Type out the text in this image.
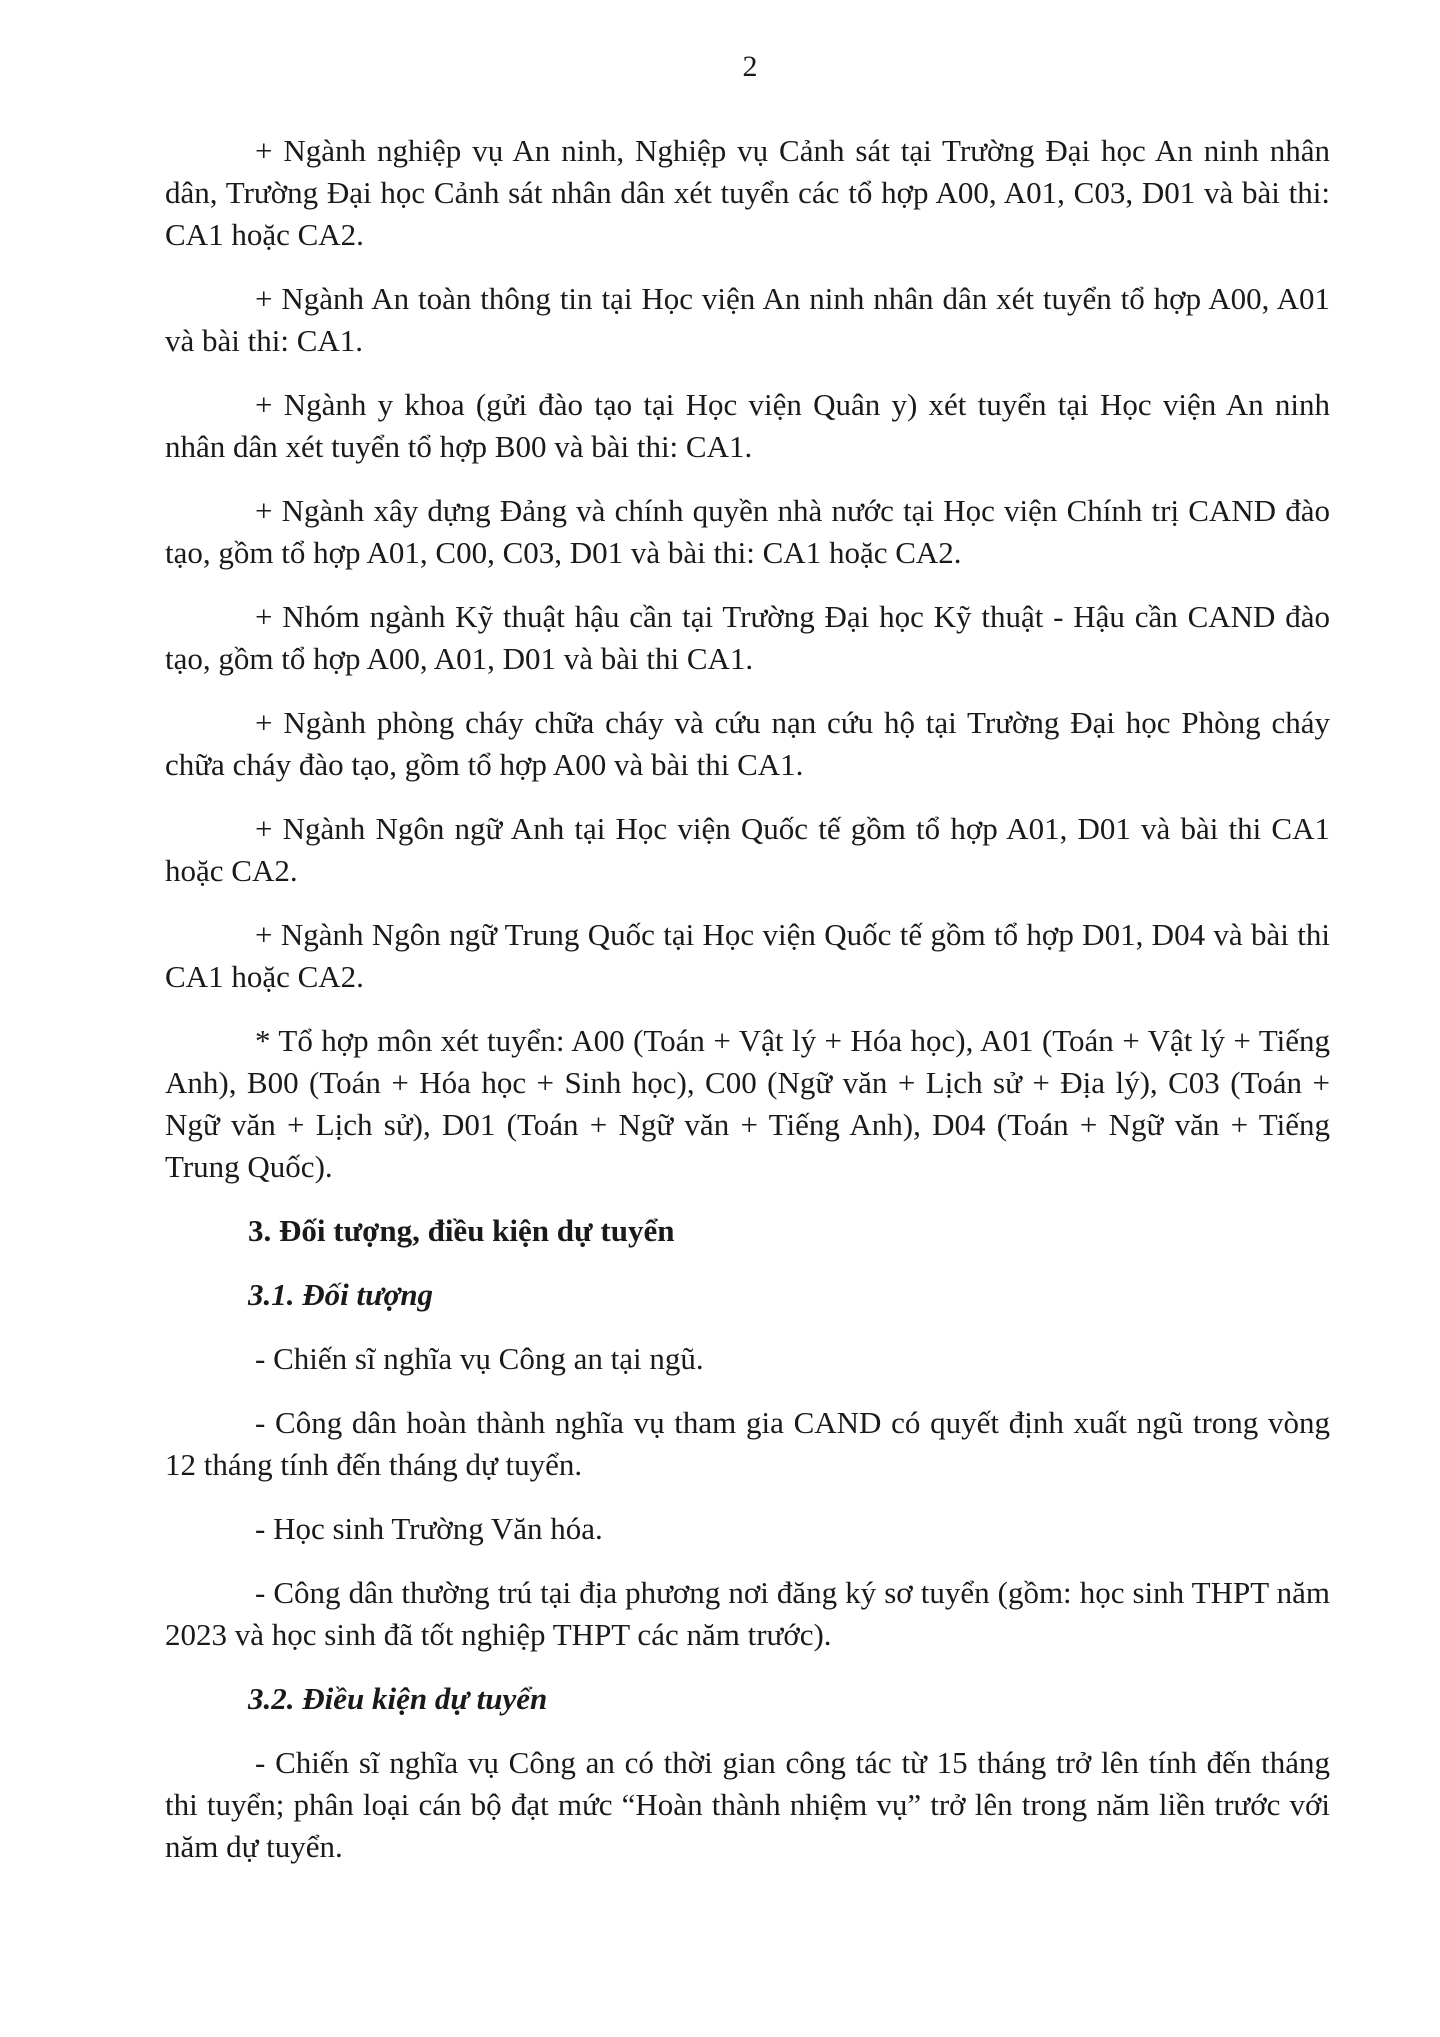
2

+ Ngành nghiệp vụ An ninh, Nghiệp vụ Cảnh sát tại Trường Đại học An ninh nhân dân, Trường Đại học Cảnh sát nhân dân xét tuyển các tổ hợp A00, A01, C03, D01 và bài thi: CA1 hoặc CA2.

+ Ngành An toàn thông tin tại Học viện An ninh nhân dân xét tuyển tổ hợp A00, A01 và bài thi: CA1.

+ Ngành y khoa (gửi đào tạo tại Học viện Quân y) xét tuyển tại Học viện An ninh nhân dân xét tuyển tổ hợp B00 và bài thi: CA1.

+ Ngành xây dựng Đảng và chính quyền nhà nước tại Học viện Chính trị CAND đào tạo, gồm tổ hợp A01, C00, C03, D01 và bài thi: CA1 hoặc CA2.

+ Nhóm ngành Kỹ thuật hậu cần tại Trường Đại học Kỹ thuật - Hậu cần CAND đào tạo, gồm tổ hợp A00, A01, D01 và bài thi CA1.

+ Ngành phòng cháy chữa cháy và cứu nạn cứu hộ tại Trường Đại học Phòng cháy chữa cháy đào tạo, gồm tổ hợp A00 và bài thi CA1.

+ Ngành Ngôn ngữ Anh tại Học viện Quốc tế gồm tổ hợp A01, D01 và bài thi CA1 hoặc CA2.

+ Ngành Ngôn ngữ Trung Quốc tại Học viện Quốc tế gồm tổ hợp D01, D04 và bài thi CA1 hoặc CA2.

* Tổ hợp môn xét tuyển: A00 (Toán + Vật lý + Hóa học), A01 (Toán + Vật lý + Tiếng Anh), B00 (Toán + Hóa học + Sinh học), C00 (Ngữ văn + Lịch sử + Địa lý), C03 (Toán + Ngữ văn + Lịch sử), D01 (Toán + Ngữ văn + Tiếng Anh), D04 (Toán + Ngữ văn + Tiếng Trung Quốc).

3. Đối tượng, điều kiện dự tuyển

3.1. Đối tượng

- Chiến sĩ nghĩa vụ Công an tại ngũ.

- Công dân hoàn thành nghĩa vụ tham gia CAND có quyết định xuất ngũ trong vòng 12 tháng tính đến tháng dự tuyển.

- Học sinh Trường Văn hóa.

- Công dân thường trú tại địa phương nơi đăng ký sơ tuyển (gồm: học sinh THPT năm 2023 và học sinh đã tốt nghiệp THPT các năm trước).

3.2. Điều kiện dự tuyển

- Chiến sĩ nghĩa vụ Công an có thời gian công tác từ 15 tháng trở lên tính đến tháng thi tuyển; phân loại cán bộ đạt mức “Hoàn thành nhiệm vụ” trở lên trong năm liền trước với năm dự tuyển.
